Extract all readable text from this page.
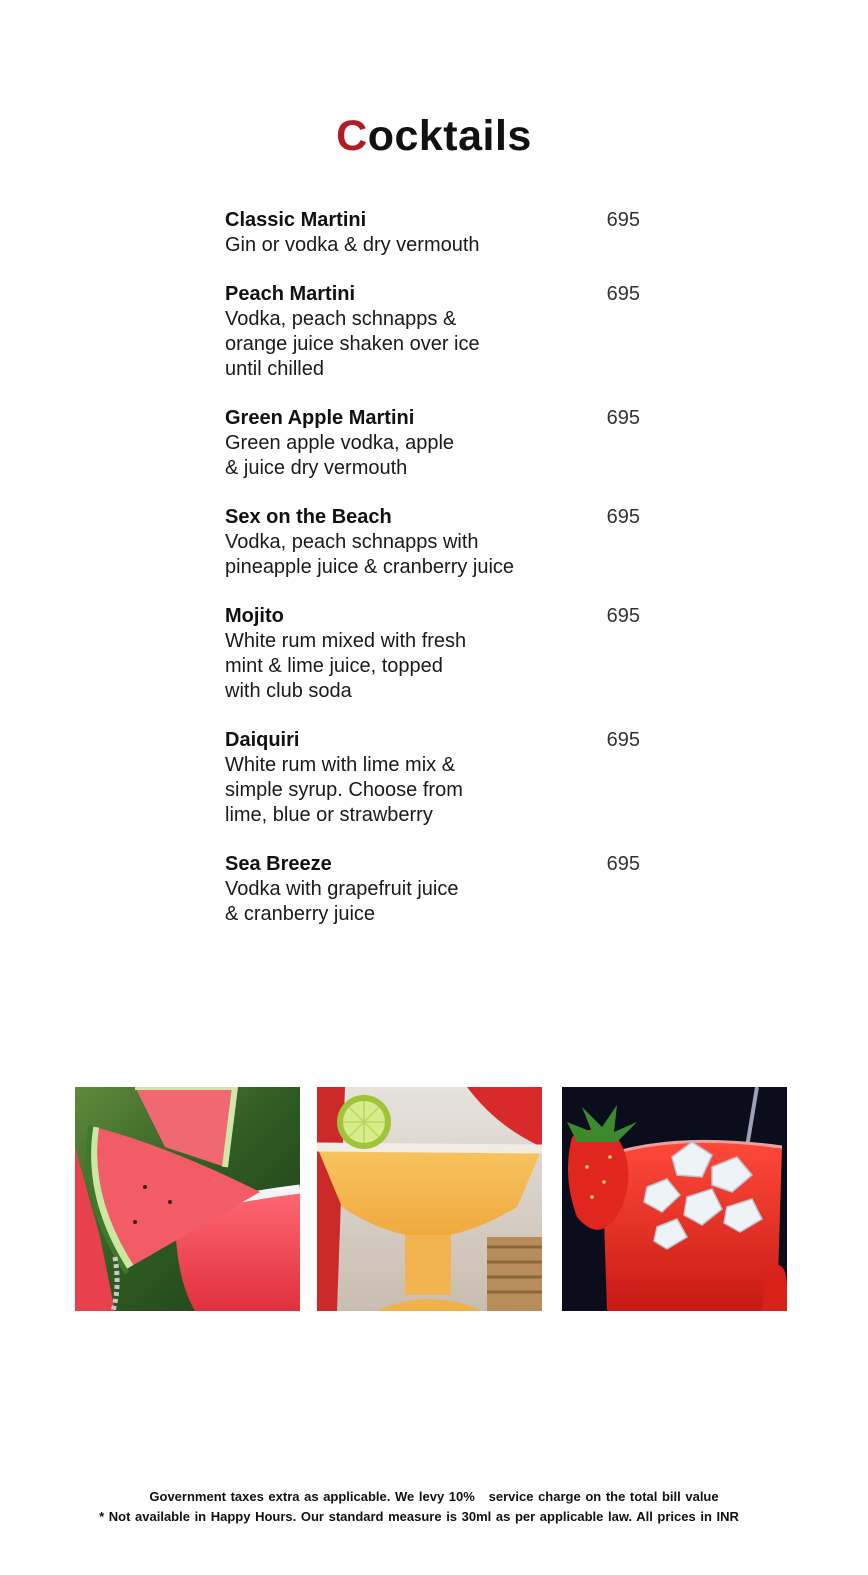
Cocktails
Classic Martini
Gin or vodka & dry vermouth
695
Peach Martini
Vodka, peach schnapps &
orange juice shaken over ice
until chilled
695
Green Apple Martini
Green apple vodka, apple
& juice dry vermouth
695
Sex on the Beach
Vodka, peach schnapps with
pineapple juice & cranberry juice
695
Mojito
White rum mixed with fresh
mint & lime juice, topped
with club soda
695
Daiquiri
White rum with lime mix &
simple syrup. Choose from
lime, blue or strawberry
695
Sea Breeze
Vodka with grapefruit juice
& cranberry juice
695
Government taxes extra as applicable. We levy 10%   service charge on the total bill value
* Not available in Happy Hours. Our standard measure is 30ml as per applicable law. All prices in INR
